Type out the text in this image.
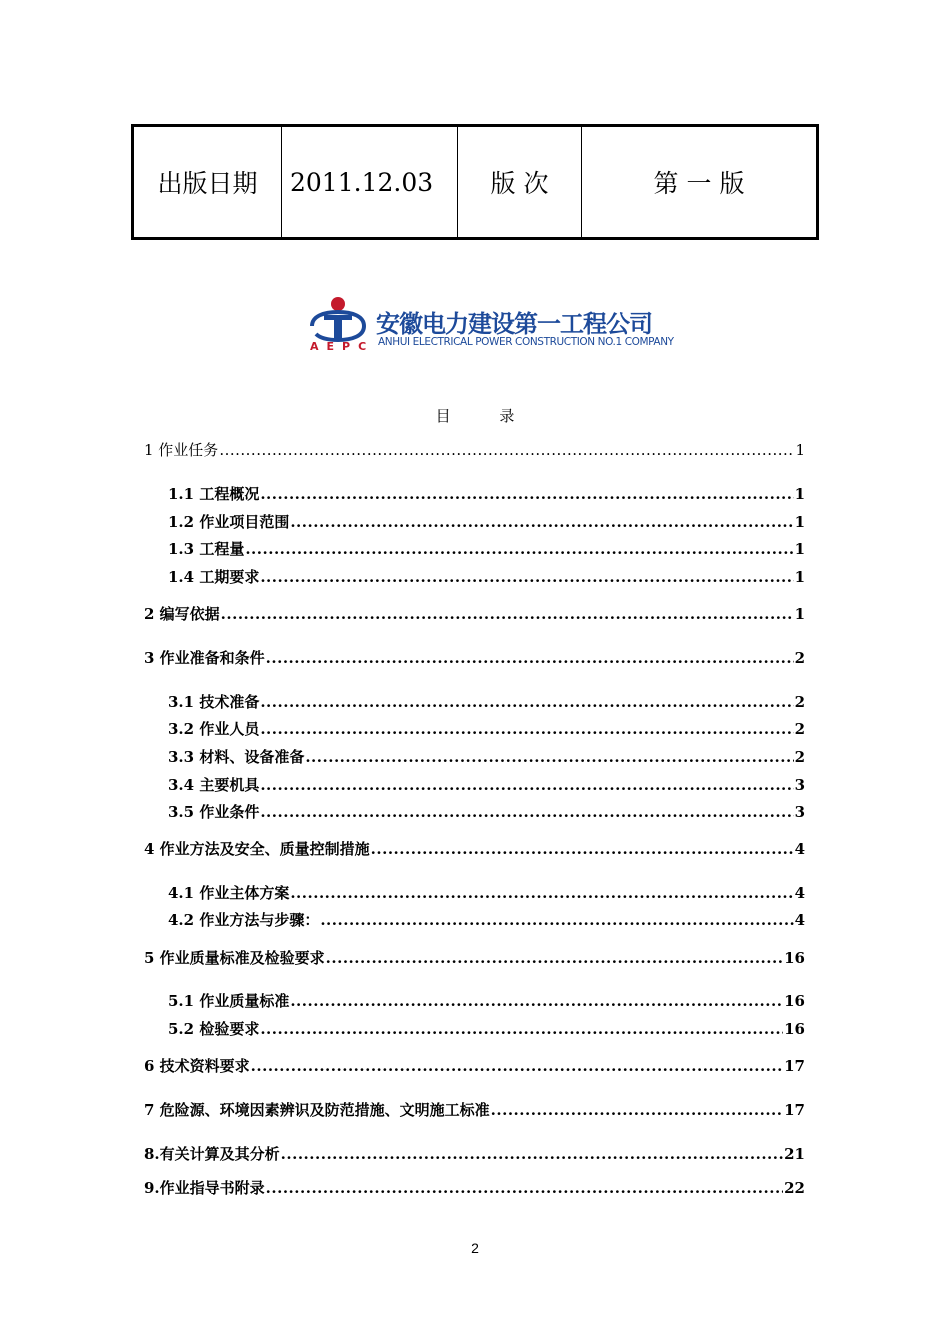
出版日期	2011.12.03	版 次	第 一 版
AEPC
安徽电力建设第一工程公司
ANHUI ELECTRICAL POWER CONSTRUCTION NO.1 COMPANY
目 录
1 作业任务 .....	1
1.1 工程概况 .....	1
1.2 作业项目范围 .....	1
1.3 工程量 .....	1
1.4 工期要求 .....	1
2 编写依据 .....	1
3 作业准备和条件 .....	2
3.1 技术准备 .....	2
3.2 作业人员 .....	2
3.3 材料、设备准备 .....	2
3.4 主要机具 .....	3
3.5 作业条件 .....	3
4 作业方法及安全、质量控制措施 .....	4
4.1 作业主体方案 .....	4
4.2 作业方法与步骤： .....	4
5 作业质量标准及检验要求 .....	16
5.1 作业质量标准 .....	16
5.2 检验要求 .....	16
6 技术资料要求 .....	17
7 危险源、环境因素辨识及防范措施、文明施工标准 .....	17
8.有关计算及其分析 .....	21
9.作业指导书附录 .....	22
2
